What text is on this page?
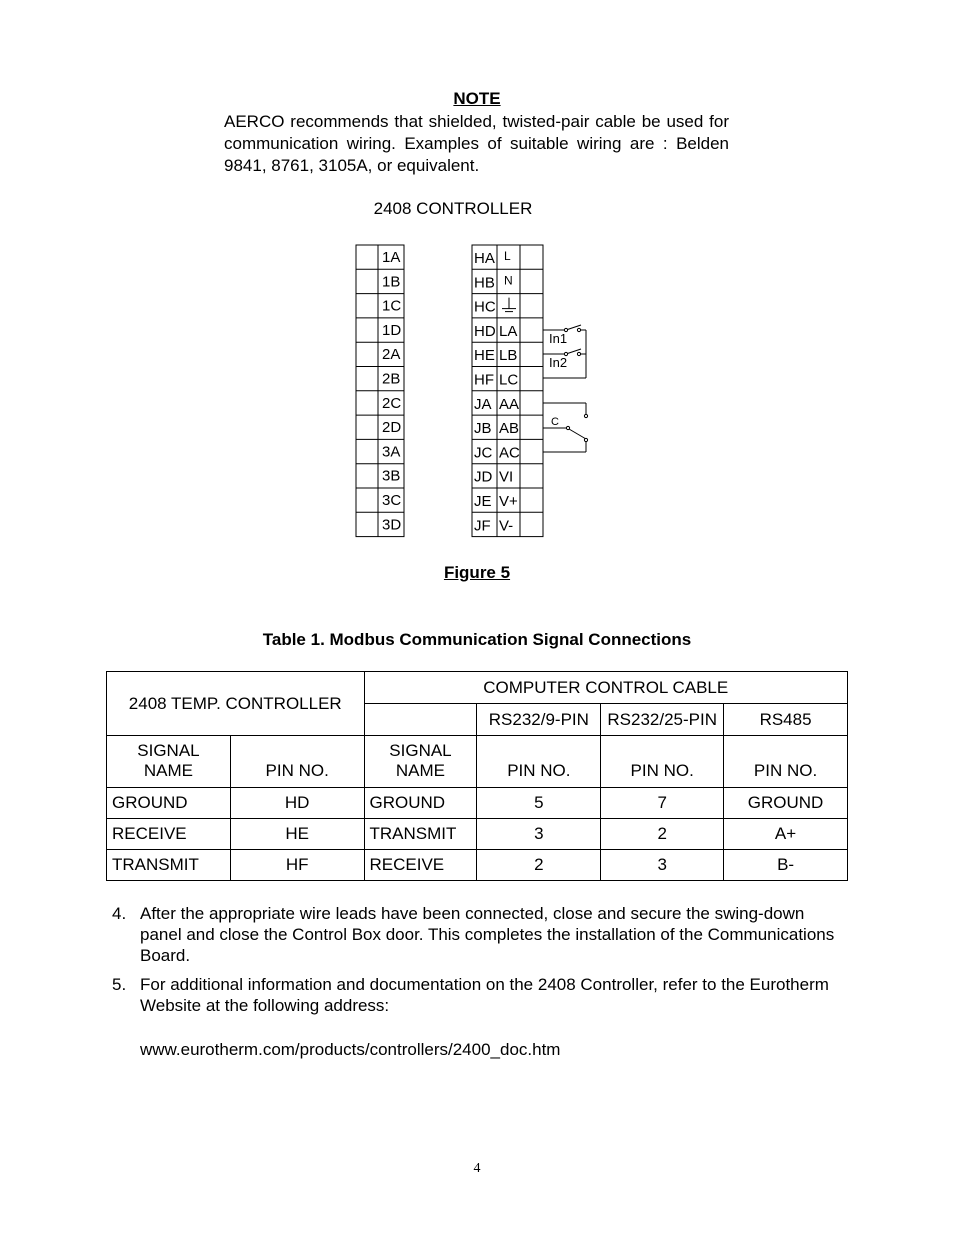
NOTE
AERCO recommends that shielded, twisted-pair cable be used for communication wiring. Examples of suitable wiring are : Belden 9841, 8761, 3105A, or equivalent.
2408 CONTROLLER
1A
1B
1C
1D
2A
2B
2C
2D
3A
3B
3C
3D
HA
HB
HC
HD
HE
HF
JA
JB
JC
JD
JE
JF
L
N
LA
LB
LC
AA
AB
AC
VI
V+
V-
In1
In2
C
Figure 5
Table 1. Modbus Communication Signal Connections
2408 TEMP. CONTROLLER		COMPUTER CONTROL CABLE			
			RS232/9-PIN	RS232/25-PIN	RS485
SIGNAL NAME	PIN NO.	SIGNAL NAME	PIN NO.	PIN NO.	PIN NO.
GROUND	HD	GROUND	5	7	GROUND
RECEIVE	HE	TRANSMIT	3	2	A+
TRANSMIT	HF	RECEIVE	2	3	B-
4. After the appropriate wire leads have been connected, close and secure the swing-down panel and close the Control Box door. This completes the installation of the Communications Board.
5. For additional information and documentation on the 2408 Controller, refer to the Eurotherm Website at the following address:
www.eurotherm.com/products/controllers/2400_doc.htm
4
